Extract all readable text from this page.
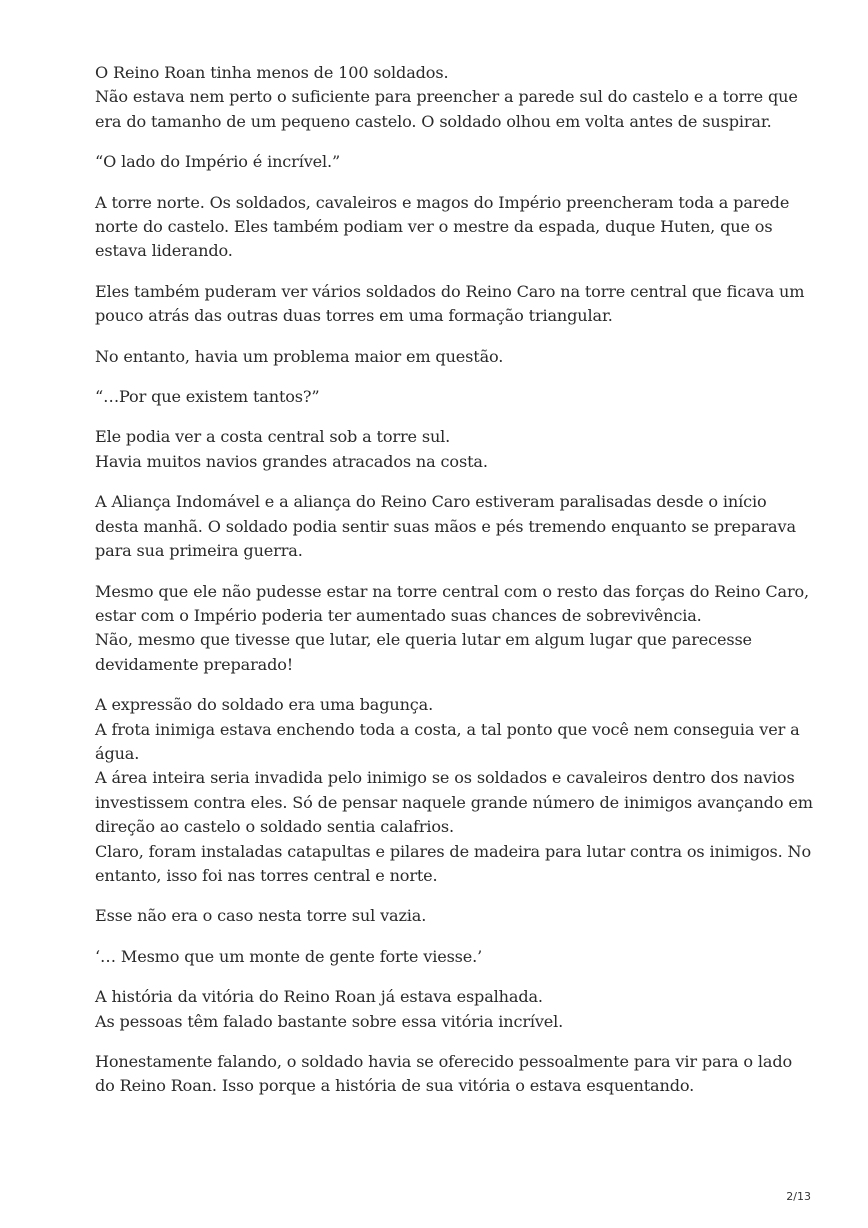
O Reino Roan tinha menos de 100 soldados.
Não estava nem perto o suficiente para preencher a parede sul do castelo e a torre que
era do tamanho de um pequeno castelo. O soldado olhou em volta antes de suspirar.
“O lado do Império é incrível.”
A torre norte. Os soldados, cavaleiros e magos do Império preencheram toda a parede
norte do castelo. Eles também podiam ver o mestre da espada, duque Huten, que os
estava liderando.
Eles também puderam ver vários soldados do Reino Caro na torre central que ficava um
pouco atrás das outras duas torres em uma formação triangular.
No entanto, havia um problema maior em questão.
“…Por que existem tantos?”
Ele podia ver a costa central sob a torre sul.
Havia muitos navios grandes atracados na costa.
A Aliança Indomável e a aliança do Reino Caro estiveram paralisadas desde o início
desta manhã. O soldado podia sentir suas mãos e pés tremendo enquanto se preparava
para sua primeira guerra.
Mesmo que ele não pudesse estar na torre central com o resto das forças do Reino Caro,
estar com o Império poderia ter aumentado suas chances de sobrevivência.
Não, mesmo que tivesse que lutar, ele queria lutar em algum lugar que parecesse
devidamente preparado!
A expressão do soldado era uma bagunça.
A frota inimiga estava enchendo toda a costa, a tal ponto que você nem conseguia ver a
água.
A área inteira seria invadida pelo inimigo se os soldados e cavaleiros dentro dos navios
investissem contra eles. Só de pensar naquele grande número de inimigos avançando em
direção ao castelo o soldado sentia calafrios.
Claro, foram instaladas catapultas e pilares de madeira para lutar contra os inimigos. No
entanto, isso foi nas torres central e norte.
Esse não era o caso nesta torre sul vazia.
‘… Mesmo que um monte de gente forte viesse.’
A história da vitória do Reino Roan já estava espalhada.
As pessoas têm falado bastante sobre essa vitória incrível.
Honestamente falando, o soldado havia se oferecido pessoalmente para vir para o lado
do Reino Roan. Isso porque a história de sua vitória o estava esquentando.
2/13
